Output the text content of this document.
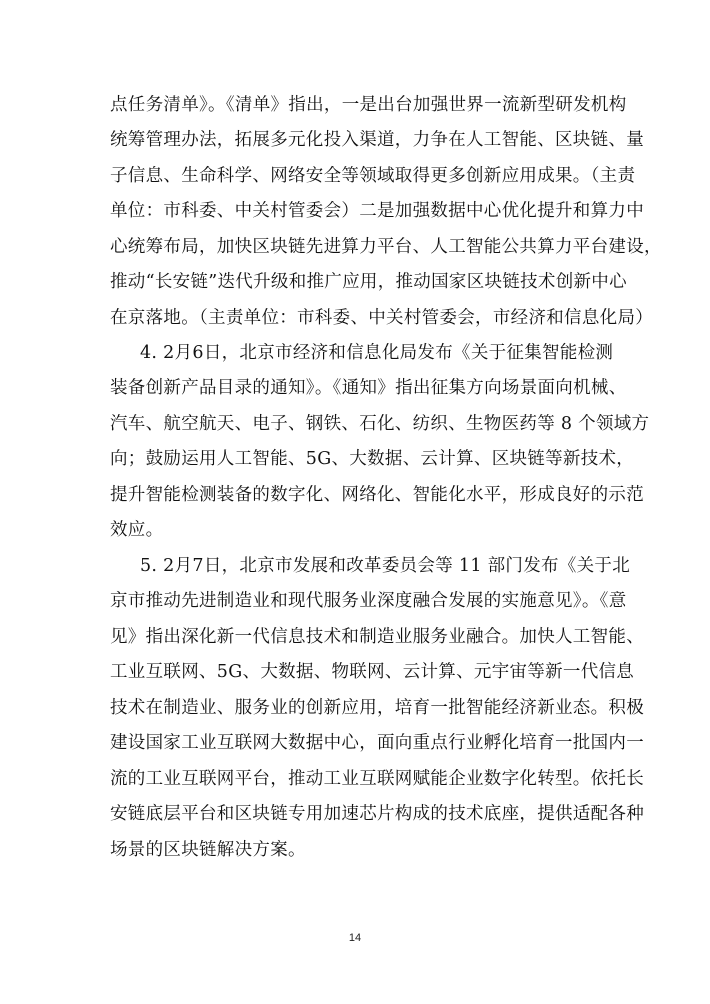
点任务清单》。《清单》指出，一是出台加强世界一流新型研发机构
统筹管理办法，拓展多元化投入渠道，力争在人工智能、区块链、量
子信息、生命科学、网络安全等领域取得更多创新应用成果。（主责
单位：市科委、中关村管委会）二是加强数据中心优化提升和算力中
心统筹布局，加快区块链先进算力平台、人工智能公共算力平台建设，
推动“长安链”迭代升级和推广应用，推动国家区块链技术创新中心
在京落地。（主责单位：市科委、中关村管委会，市经济和信息化局）
4. 2月6日，北京市经济和信息化局发布《关于征集智能检测
装备创新产品目录的通知》。《通知》指出征集方向场景面向机械、
汽车、航空航天、电子、钢铁、石化、纺织、生物医药等 8 个领域方
向；鼓励运用人工智能、5G、大数据、云计算、区块链等新技术，
提升智能检测装备的数字化、网络化、智能化水平，形成良好的示范
效应。
5. 2月7日，北京市发展和改革委员会等 11 部门发布《关于北
京市推动先进制造业和现代服务业深度融合发展的实施意见》。《意
见》指出深化新一代信息技术和制造业服务业融合。加快人工智能、
工业互联网、5G、大数据、物联网、云计算、元宇宙等新一代信息
技术在制造业、服务业的创新应用，培育一批智能经济新业态。积极
建设国家工业互联网大数据中心，面向重点行业孵化培育一批国内一
流的工业互联网平台，推动工业互联网赋能企业数字化转型。依托长
安链底层平台和区块链专用加速芯片构成的技术底座，提供适配各种
场景的区块链解决方案。
14
